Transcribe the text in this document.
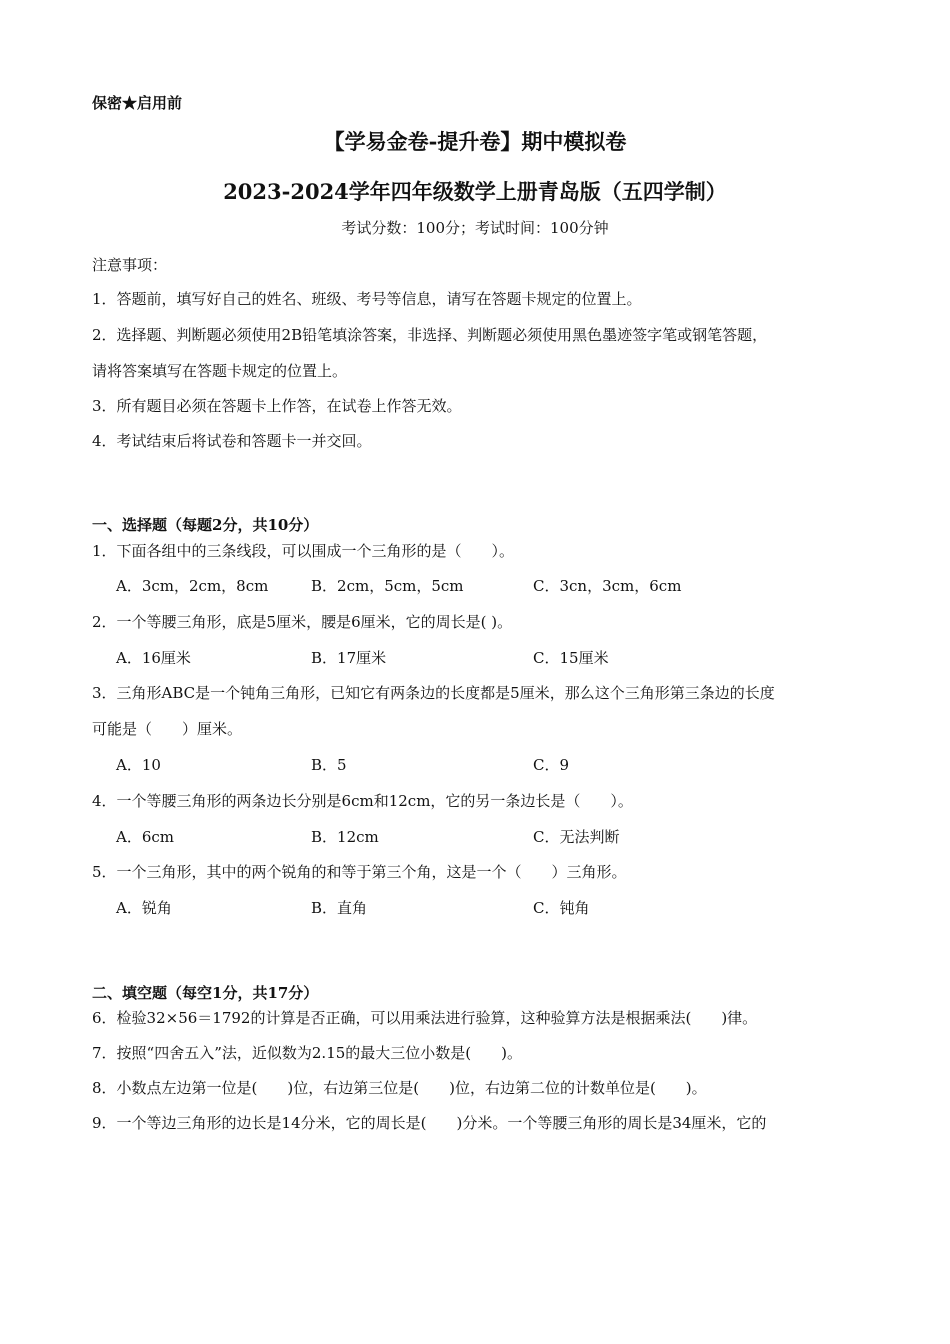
保密★启用前
【学易金卷-提升卷】期中模拟卷
2023-2024学年四年级数学上册青岛版（五四学制）
考试分数：100分；考试时间：100分钟
注意事项：
1．答题前，填写好自己的姓名、班级、考号等信息，请写在答题卡规定的位置上。
2．选择题、判断题必须使用2B铅笔填涂答案，非选择、判断题必须使用黑色墨迹签字笔或钢笔答题，
请将答案填写在答题卡规定的位置上。
3．所有题目必须在答题卡上作答，在试卷上作答无效。
4．考试结束后将试卷和答题卡一并交回。
一、选择题（每题2分，共10分）
1．下面各组中的三条线段，可以围成一个三角形的是（　　）。
A．3cm，2cm，8cm	B．2cm，5cm，5cm	C．3cn，3cm，6cm
2．一个等腰三角形，底是5厘米，腰是6厘米，它的周长是( )。
A．16厘米	B．17厘米	C．15厘米
3．三角形ABC是一个钝角三角形，已知它有两条边的长度都是5厘米，那么这个三角形第三条边的长度
可能是（　　）厘米。
A．10	B．5	C．9
4．一个等腰三角形的两条边长分别是6cm和12cm，它的另一条边长是（　　）。
A．6cm	B．12cm	C．无法判断
5．一个三角形，其中的两个锐角的和等于第三个角，这是一个（　　）三角形。
A．锐角	B．直角	C．钝角
二、填空题（每空1分，共17分）
6．检验32×56＝1792的计算是否正确，可以用乘法进行验算，这种验算方法是根据乘法(　　)律。
7．按照“四舍五入”法，近似数为2.15的最大三位小数是(　　)。
8．小数点左边第一位是(　　)位，右边第三位是(　　)位，右边第二位的计数单位是(　　)。
9．一个等边三角形的边长是14分米，它的周长是(　　)分米。一个等腰三角形的周长是34厘米，它的
